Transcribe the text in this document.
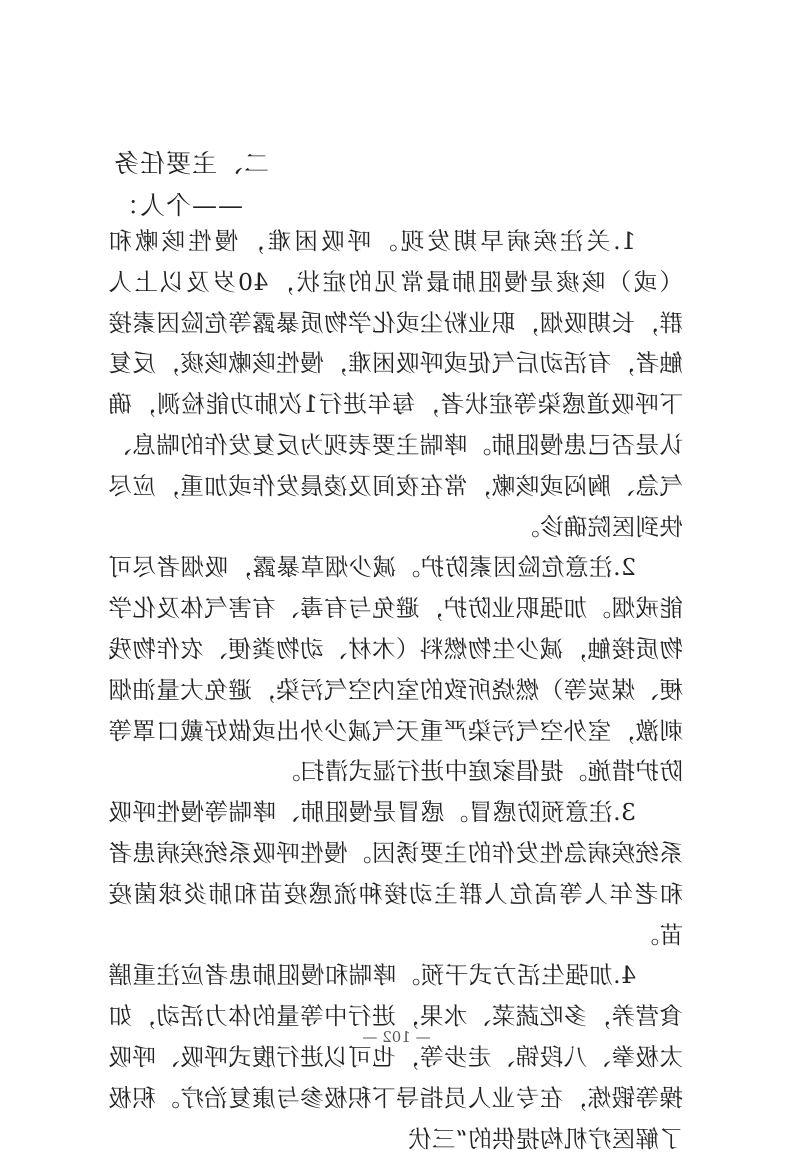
二、主要任务
——个人：

1.关注疾病早期发现。呼吸困难，慢性咳嗽和（或）咳痰是慢阻肺最常见的症状，40岁及以上人群，长期吸烟，职业粉尘或化学物质暴露等危险因素接触者，有活动后气促或呼吸困难，慢性咳嗽咳痰，反复下呼吸道感染等症状者，每年进行1次肺功能检测，确认是否已患慢阻肺。哮喘主要表现为反复发作的喘息、气急、胸闷或咳嗽，常在夜间及凌晨发作或加重，应尽快到医院确诊。

2.注意危险因素防护。减少烟草暴露，吸烟者尽可能戒烟。加强职业防护，避免与有毒、有害气体及化学物质接触，减少生物燃料（木材、动物粪便、农作物残梗、煤炭等）燃烧所致的室内空气污染，避免大量油烟刺激，室外空气污染严重天气减少外出或做好戴口罩等防护措施。提倡家庭中进行湿式清扫。

3.注意预防感冒。感冒是慢阻肺、哮喘等慢性呼吸系统疾病急性发作的主要诱因。慢性呼吸系统疾病患者和老年人等高危人群主动接种流感疫苗和肺炎球菌疫苗。

4.加强生活方式干预。哮喘和慢阻肺患者应注重膳食营养，多吃蔬菜、水果，进行中等量的体力活动，如太极拳、八段锦、走步等，也可以进行腹式呼吸、呼吸操等锻炼，在专业人员指导下积极参与康复治疗。积极了解医疗机构提供的“三伏

— 102 —
